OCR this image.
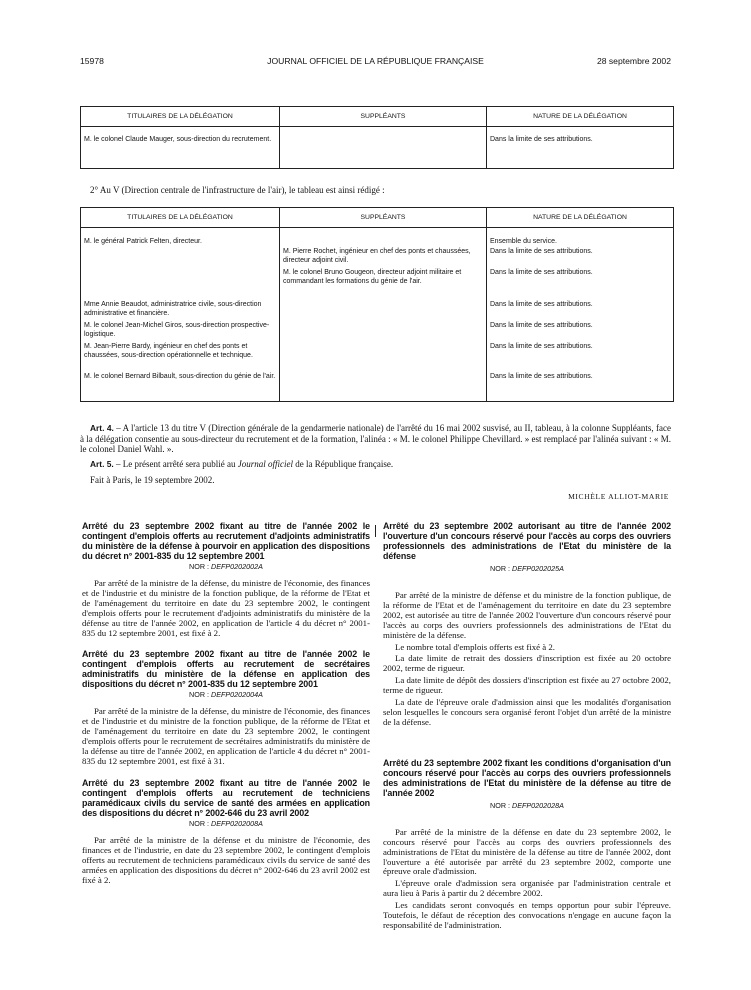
15978	JOURNAL OFFICIEL DE LA RÉPUBLIQUE FRANÇAISE	28 septembre 2002
TITULAIRES DE LA DÉLÉGATION	SUPPLÉANTS	NATURE DE LA DÉLÉGATION
M. le colonel Claude Mauger, sous-direction du recrutement.		Dans la limite de ses attributions.
2° Au V (Direction centrale de l'infrastructure de l'air), le tableau est ainsi rédigé :
TITULAIRES DE LA DÉLÉGATION	SUPPLÉANTS	NATURE DE LA DÉLÉGATION
M. le général Patrick Felten, directeur.		Ensemble du service.
	M. Pierre Rochet, ingénieur en chef des ponts et chaussées, directeur adjoint civil.	Dans la limite de ses attributions.
	M. le colonel Bruno Gougeon, directeur adjoint militaire et commandant les formations du génie de l'air.	Dans la limite de ses attributions.
Mme Annie Beaudot, administratrice civile, sous-direction administrative et financière.		Dans la limite de ses attributions.
M. le colonel Jean-Michel Giros, sous-direction prospective-logistique.		Dans la limite de ses attributions.
M. Jean-Pierre Bardy, ingénieur en chef des ponts et chaussées, sous-direction opérationnelle et technique.		Dans la limite de ses attributions.
M. le colonel Bernard Bilbault, sous-direction du génie de l'air.		Dans la limite de ses attributions.
Art. 4. – A l'article 13 du titre V (Direction générale de la gendarmerie nationale) de l'arrêté du 16 mai 2002 susvisé, au II, tableau, à la colonne Suppléants, face à la délégation consentie au sous-directeur du recrutement et de la formation, l'alinéa : « M. le colonel Philippe Chevillard. » est remplacé par l'alinéa suivant : « M. le colonel Daniel Wahl. ».
Art. 5. – Le présent arrêté sera publié au Journal officiel de la République française.
Fait à Paris, le 19 septembre 2002.
MICHÈLE ALLIOT-MARIE
Arrêté du 23 septembre 2002 fixant au titre de l'année 2002 le contingent d'emplois offerts au recrutement d'adjoints administratifs du ministère de la défense à pourvoir en application des dispositions du décret n° 2001-835 du 12 septembre 2001
NOR : DEFP0202002A
Par arrêté de la ministre de la défense, du ministre de l'économie, des finances et de l'industrie et du ministre de la fonction publique, de la réforme de l'Etat et de l'aménagement du territoire en date du 23 septembre 2002, le contingent d'emplois offerts pour le recrutement d'adjoints administratifs du ministère de la défense au titre de l'année 2002, en application de l'article 4 du décret n° 2001-835 du 12 septembre 2001, est fixé à 2.
Arrêté du 23 septembre 2002 fixant au titre de l'année 2002 le contingent d'emplois offerts au recrutement de secrétaires administratifs du ministère de la défense en application des dispositions du décret n° 2001-835 du 12 septembre 2001
NOR : DEFP0202004A
Par arrêté de la ministre de la défense, du ministre de l'économie, des finances et de l'industrie et du ministre de la fonction publique, de la réforme de l'Etat et de l'aménagement du territoire en date du 23 septembre 2002, le contingent d'emplois offerts pour le recrutement de secrétaires administratifs du ministère de la défense au titre de l'année 2002, en application de l'article 4 du décret n° 2001-835 du 12 septembre 2001, est fixé à 31.
Arrêté du 23 septembre 2002 fixant au titre de l'année 2002 le contingent d'emplois offerts au recrutement de techniciens paramédicaux civils du service de santé des armées en application des dispositions du décret n° 2002-646 du 23 avril 2002
NOR : DEFP0202008A
Par arrêté de la ministre de la défense et du ministre de l'économie, des finances et de l'industrie, en date du 23 septembre 2002, le contingent d'emplois offerts au recrutement de techniciens paramédicaux civils du service de santé des armées en application des dispositions du décret n° 2002-646 du 23 avril 2002 est fixé à 2.
Arrêté du 23 septembre 2002 autorisant au titre de l'année 2002 l'ouverture d'un concours réservé pour l'accès au corps des ouvriers professionnels des administrations de l'Etat du ministère de la défense
NOR : DEFP0202025A
Par arrêté de la ministre de défense et du ministre de la fonction publique, de la réforme de l'Etat et de l'aménagement du territoire en date du 23 septembre 2002, est autorisée au titre de l'année 2002 l'ouverture d'un concours réservé pour l'accès au corps des ouvriers professionnels des administrations de l'Etat du ministère de la défense.
Le nombre total d'emplois offerts est fixé à 2.
La date limite de retrait des dossiers d'inscription est fixée au 20 octobre 2002, terme de rigueur.
La date limite de dépôt des dossiers d'inscription est fixée au 27 octobre 2002, terme de rigueur.
La date de l'épreuve orale d'admission ainsi que les modalités d'organisation selon lesquelles le concours sera organisé feront l'objet d'un arrêté de la ministre de la défense.
Arrêté du 23 septembre 2002 fixant les conditions d'organisation d'un concours réservé pour l'accès au corps des ouvriers professionnels des administrations de l'Etat du ministère de la défense au titre de l'année 2002
NOR : DEFP0202028A
Par arrêté de la ministre de la défense en date du 23 septembre 2002, le concours réservé pour l'accès au corps des ouvriers professionnels des administrations de l'Etat du ministère de la défense au titre de l'année 2002, dont l'ouverture a été autorisée par arrêté du 23 septembre 2002, comporte une épreuve orale d'admission.
L'épreuve orale d'admission sera organisée par l'administration centrale et aura lieu à Paris à partir du 2 décembre 2002.
Les candidats seront convoqués en temps opportun pour subir l'épreuve. Toutefois, le défaut de réception des convocations n'engage en aucune façon la responsabilité de l'administration.
